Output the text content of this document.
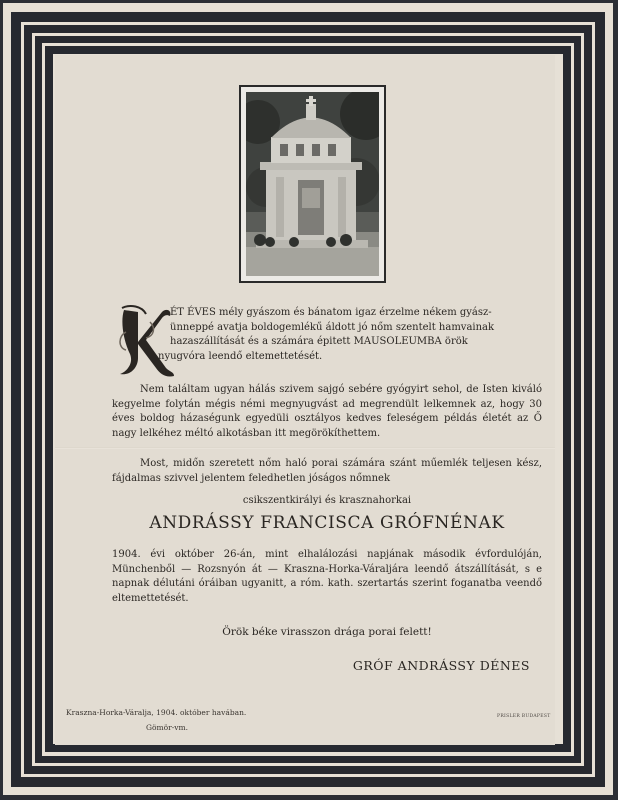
ÉT ÉVES mély gyászom és bánatom igaz érzelme nékem gyász-
ünneppé avatja boldogemlékű áldott jó nőm szentelt hamvainak
hazaszállítását és a számára épitett MAUSOLEUMBA örök
nyugvóra leendő eltemettetését.
Nem találtam ugyan hálás szivem sajgó sebére gyógyirt sehol, de Isten kiváló kegyelme folytán mégis némi megnyugvást ad megrendült lelkemnek az, hogy 30 éves boldog házaségunk egyedüli osztályos kedves feleségem példás életét az Ő nagy lelkéhez méltó alkotásban itt megörökíthettem.
Most, midőn szeretett nőm haló porai számára szánt műemlék teljesen kész, fájdalmas szivvel jelentem feledhetlen jóságos nőmnek
csikszentkirályi és krasznahorkai
ANDRÁSSY FRANCISCA GRÓFNÉNAK
1904. évi október 26-án, mint elhalálozási napjának második évfordulóján, Münchenből — Rozsnyón át — Kraszna-Horka-Váraljára leendő átszállítását, s e napnak délutáni óráiban ugyanitt, a róm. kath. szertartás szerint foganatba veendő eltemettetését.
Örök béke virasszon drága porai felett!
GRÓF ANDRÁSSY DÉNES
Kraszna-Horka-Váralja, 1904. október havában.
Gömör-vm.
PRISLER BUDAPEST
